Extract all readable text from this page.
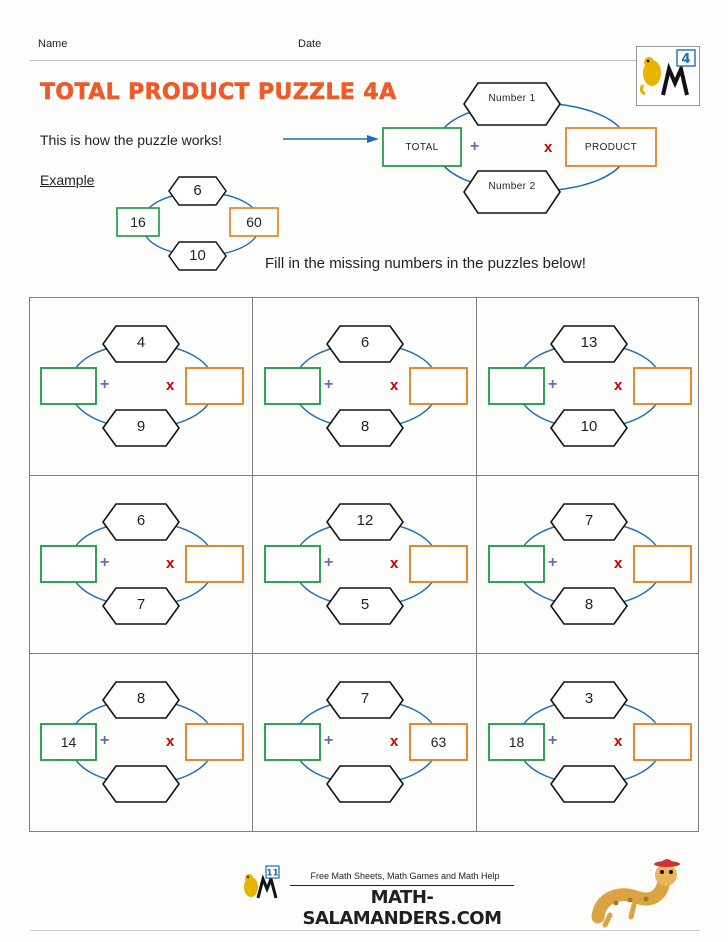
Name	Date
TOTAL PRODUCT PUZZLE 4A
This is how the puzzle works!
Example
Fill in the missing numbers in the puzzles below!
4
Number 1
Number 2
TOTAL	PRODUCT
+	x
6
10
16	60
4
9
+	x
6
8
+	x
13
10
+	x
6
7
+	x
12
5
+	x
7
8
+	x
8
14	+	x
7
63
+	x
3
18	+	x
11	Free Math Sheets, Math Games and Math Help
MATH-SALAMANDERS.COM
